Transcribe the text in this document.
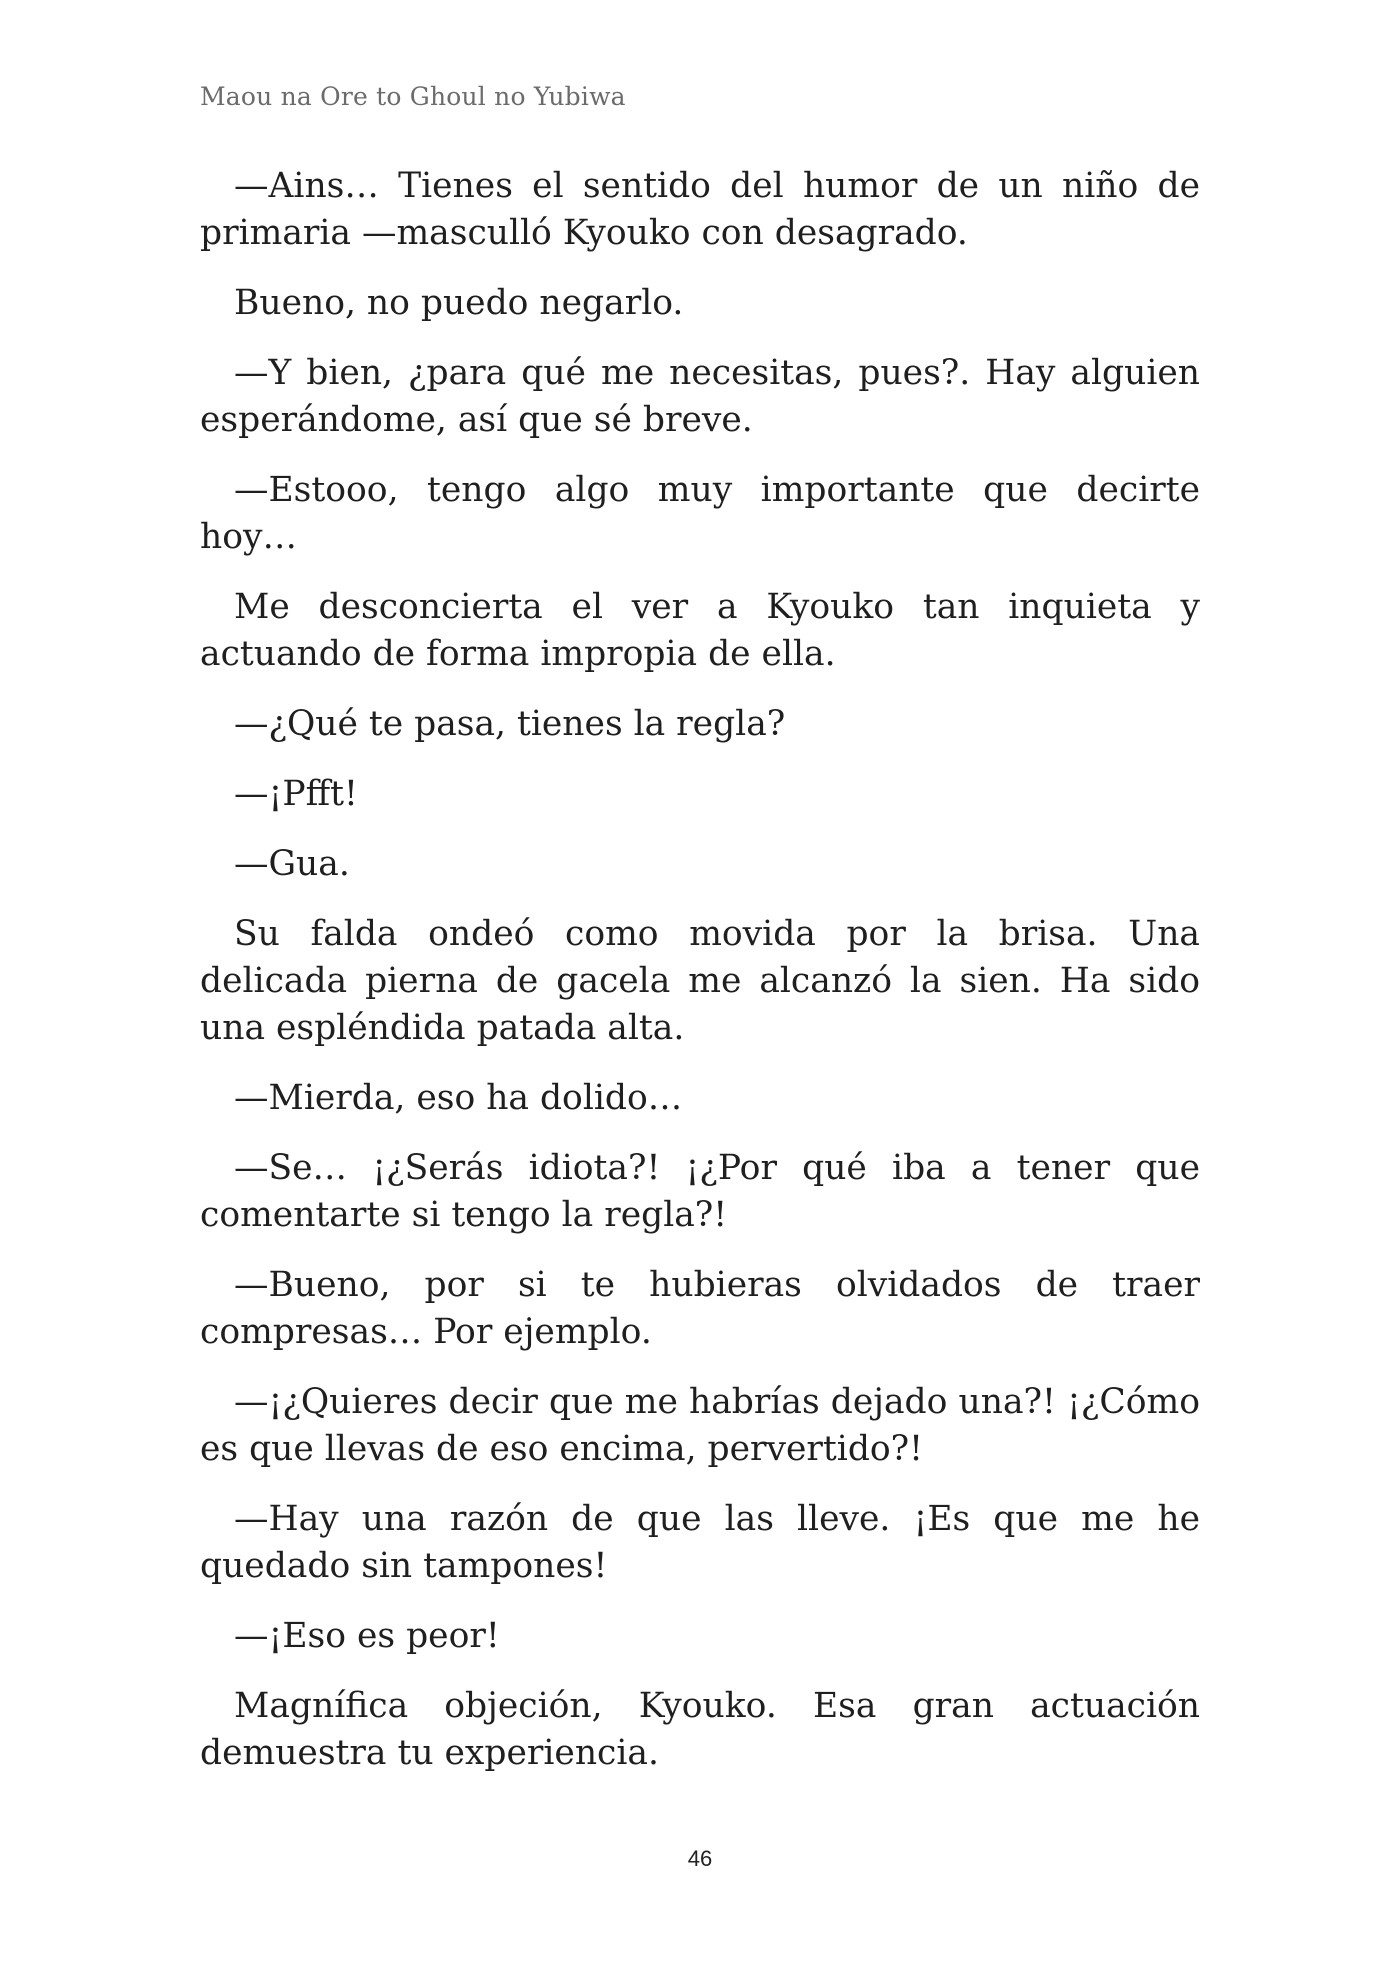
Maou na Ore to Ghoul no Yubiwa

—Ains… Tienes el sentido del humor de un niño de primaria —masculló Kyouko con desagrado.

Bueno, no puedo negarlo.

—Y bien, ¿para qué me necesitas, pues?. Hay alguien esperándome, así que sé breve.

—Estooo, tengo algo muy importante que decirte hoy…

Me desconcierta el ver a Kyouko tan inquieta y actuando de forma impropia de ella.

—¿Qué te pasa, tienes la regla?

—¡Pfft!

—Gua.

Su falda ondeó como movida por la brisa. Una delicada pierna de gacela me alcanzó la sien. Ha sido una espléndida patada alta.

—Mierda, eso ha dolido…

—Se… ¡¿Serás idiota?! ¡¿Por qué iba a tener que comentarte si tengo la regla?!

—Bueno, por si te hubieras olvidados de traer compresas… Por ejemplo.

—¡¿Quieres decir que me habrías dejado una?! ¡¿Cómo es que llevas de eso encima, pervertido?!

—Hay una razón de que las lleve. ¡Es que me he quedado sin tampones!

—¡Eso es peor!

Magnífica objeción, Kyouko. Esa gran actuación demuestra tu experiencia.

46
